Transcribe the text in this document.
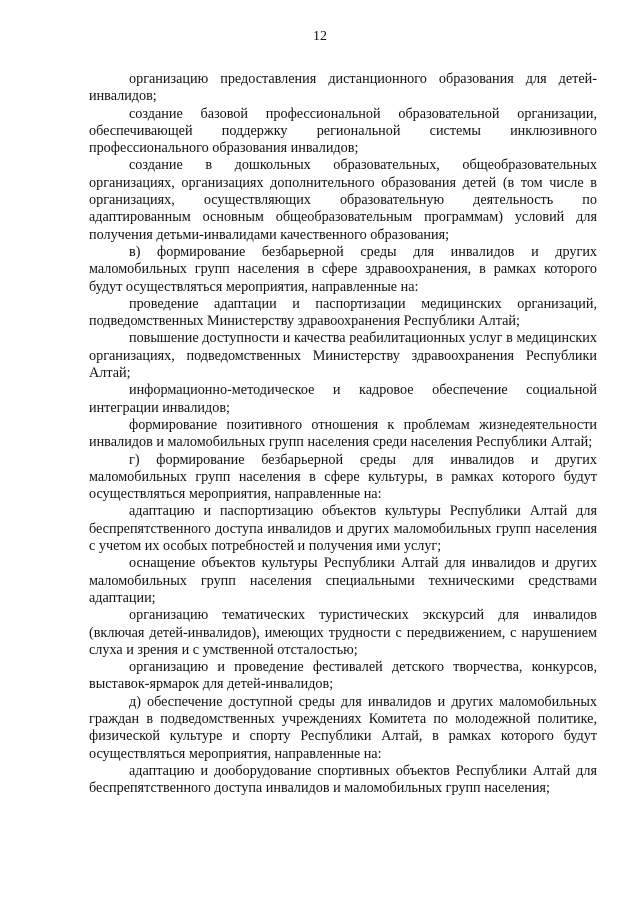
12

организацию предоставления дистанционного образования для детей-инвалидов;

создание базовой профессиональной образовательной организации, обеспечивающей поддержку региональной системы инклюзивного профессионального образования инвалидов;

создание в дошкольных образовательных, общеобразовательных организациях, организациях дополнительного образования детей (в том числе в организациях, осуществляющих образовательную деятельность по адаптированным основным общеобразовательным программам) условий для получения детьми-инвалидами качественного образования;

в) формирование безбарьерной среды для инвалидов и других маломобильных групп населения в сфере здравоохранения, в рамках которого будут осуществляться мероприятия, направленные на:

проведение адаптации и паспортизации медицинских организаций, подведомственных Министерству здравоохранения Республики Алтай;

повышение доступности и качества реабилитационных услуг в медицинских организациях, подведомственных Министерству здравоохранения Республики Алтай;

информационно-методическое и кадровое обеспечение социальной интеграции инвалидов;

формирование позитивного отношения к проблемам жизнедеятельности инвалидов и маломобильных групп населения среди населения Республики Алтай;

г) формирование безбарьерной среды для инвалидов и других маломобильных групп населения в сфере культуры, в рамках которого будут осуществляться мероприятия, направленные на:

адаптацию и паспортизацию объектов культуры Республики Алтай для беспрепятственного доступа инвалидов и других маломобильных групп населения с учетом их особых потребностей и получения ими услуг;

оснащение объектов культуры Республики Алтай для инвалидов и других маломобильных групп населения специальными техническими средствами адаптации;

организацию тематических туристических экскурсий для инвалидов (включая детей-инвалидов), имеющих трудности с передвижением, с нарушением слуха и зрения и с умственной отсталостью;

организацию и проведение фестивалей детского творчества, конкурсов, выставок-ярмарок для детей-инвалидов;

д) обеспечение доступной среды для инвалидов и других маломобильных граждан в подведомственных учреждениях Комитета по молодежной политике, физической культуре и спорту Республики Алтай, в рамках которого будут осуществляться мероприятия, направленные на:

адаптацию и дооборудование спортивных объектов Республики Алтай для беспрепятственного доступа инвалидов и маломобильных групп населения;
